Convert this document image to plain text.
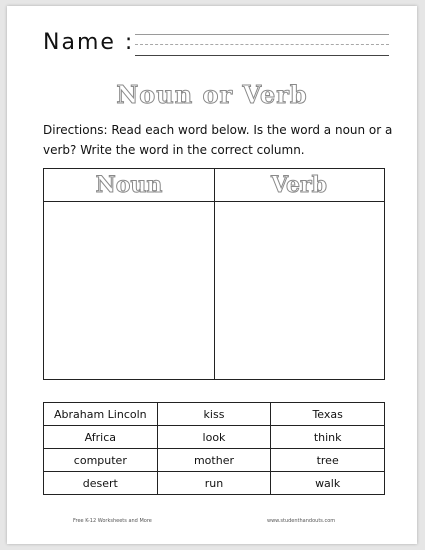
Name :
Noun or Verb
Directions: Read each word below. Is the word a noun or a verb? Write the word in the correct column.
Noun	Verb
Abraham Lincoln	kiss	Texas
Africa	look	think
computer	mother	tree
desert	run	walk
Free K-12 Worksheets and More	www.studenthandouts.com
